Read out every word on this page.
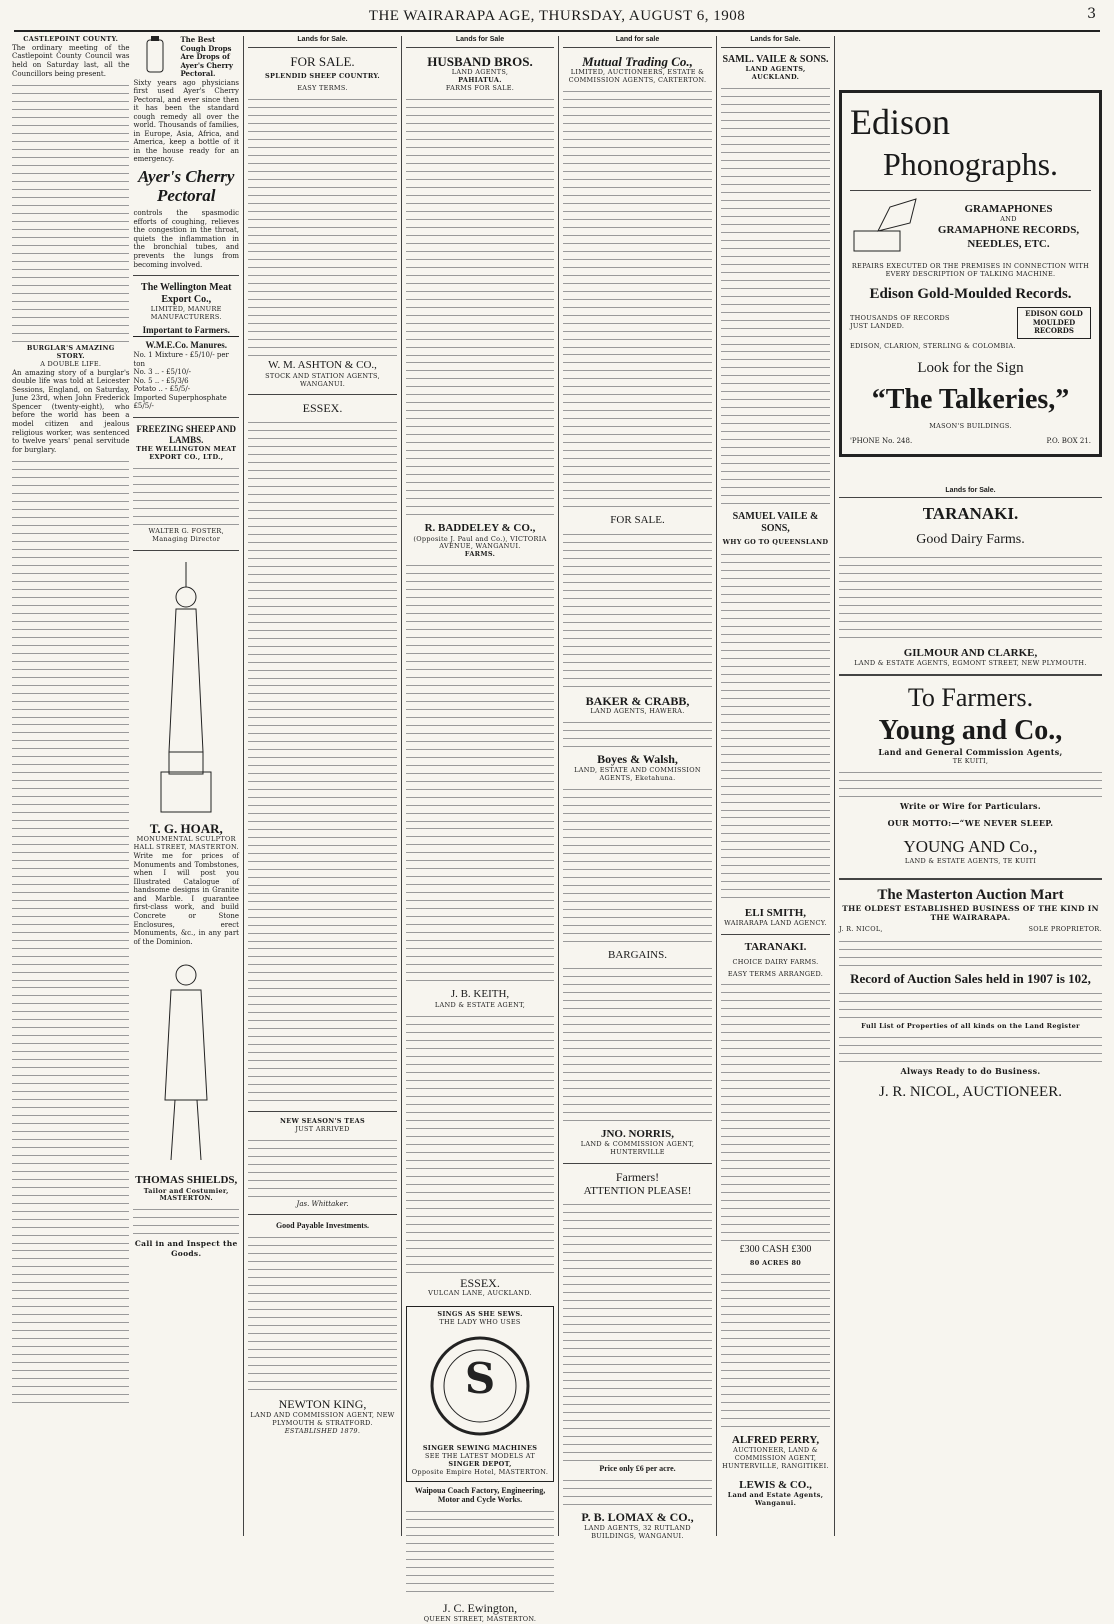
THE WAIRARAPA AGE, THURSDAY, AUGUST 6, 1908	3
CASTLEPOINT COUNTY.

The ordinary meeting of the Castlepoint County Council was held on Saturday last, all the Councillors being present.

BURGLAR'S AMAZING STORY.
A DOUBLE LIFE.

An amazing story of a burglar's double life was told at Leicester Sessions, England, on Saturday, June 23rd, when John Frederick Spencer (twenty-eight), who before the world has been a model citizen and jealous religious worker, was sentenced to twelve years' penal servitude for burglary.

The Best Cough Drops Are Drops of Ayer's Cherry Pectoral.

Sixty years ago physicians first used Ayer's Cherry Pectoral, and ever since then it has been the standard cough remedy all over the world. Thousands of families, in Europe, Asia, Africa, and America, keep a bottle of it in the house ready for an emergency.

Ayer's Cherry Pectoral

controls the spasmodic efforts of coughing, relieves the congestion in the throat, quiets the inflammation in the bronchial tubes, and prevents the lungs from becoming involved.

The Wellington Meat Export Co.,
LIMITED, MANURE MANUFACTURERS.
Important to Farmers.
W.M.E.Co. Manures.
No. 1 Mixture - £5/10/- per ton
No. 3 .. - £5/10/-
No. 5 .. - £5/3/6
Potato .. - £5/5/-
Imported Superphosphate £5/5/-
FREEZING SHEEP AND LAMBS.
THE WELLINGTON MEAT EXPORT CO., LTD.,
WALTER G. FOSTER, Managing Director
T. G. HOAR,
MONUMENTAL SCULPTOR
HALL STREET, MASTERTON.

Write me for prices of Monuments and Tombstones, when I will post you Illustrated Catalogue of handsome designs in Granite and Marble. I guarantee first-class work, and build Concrete or Stone Enclosures, erect Monuments, &c., in any part of the Dominion.

THOMAS SHIELDS,
Tailor and Costumier, MASTERTON.
Call in and Inspect the Goods.
Lands for Sale.
FOR SALE.
SPLENDID SHEEP COUNTRY.
EASY TERMS.
W. M. ASHTON & CO.,
STOCK AND STATION AGENTS, WANGANUI.
ESSEX.
NEW SEASON'S TEAS
JUST ARRIVED
Jas. Whittaker.
Good Payable Investments.
NEWTON KING,
LAND AND COMMISSION AGENT, NEW PLYMOUTH & STRATFORD.
ESTABLISHED 1879.
Lands for Sale
HUSBAND BROS.
LAND AGENTS,
PAHIATUA.
FARMS FOR SALE.
R. BADDELEY & CO.,
(Opposite J. Paul and Co.), VICTORIA AVENUE, WANGANUI.
FARMS.
J. B. KEITH,
LAND & ESTATE AGENT,
ESSEX.
VULCAN LANE, AUCKLAND.
SINGS AS SHE SEWS.
THE LADY WHO USES
S
SINGER SEWING MACHINES
SEE THE LATEST MODELS AT
SINGER DEPOT,
Opposite Empire Hotel, MASTERTON.
Waipoua Coach Factory, Engineering, Motor and Cycle Works.
J. C. Ewington,
QUEEN STREET, MASTERTON.
Land for sale
Mutual Trading Co.,
LIMITED, AUCTIONEERS, ESTATE & COMMISSION AGENTS, CARTERTON.
FOR SALE.
BAKER & CRABB,
LAND AGENTS, HAWERA.
Boyes & Walsh,
LAND, ESTATE AND COMMISSION AGENTS, Eketahuna.
BARGAINS.
JNO. NORRIS,
LAND & COMMISSION AGENT, HUNTERVILLE
Farmers!
ATTENTION PLEASE!
Price only £6 per acre.
P. B. LOMAX & CO.,
LAND AGENTS, 32 RUTLAND BUILDINGS, WANGANUI.
Lands for Sale.
SAML. VAILE & SONS.
LAND AGENTS, AUCKLAND.
SAMUEL VAILE & SONS,
WHY GO TO QUEENSLAND
ELI SMITH,
WAIRARAPA LAND AGENCY.
TARANAKI.
CHOICE DAIRY FARMS.
EASY TERMS ARRANGED.
£300 CASH £300
80 ACRES 80
ALFRED PERRY,
AUCTIONEER, LAND & COMMISSION AGENT, HUNTERVILLE, RANGITIKEI.
LEWIS & CO.,
Land and Estate Agents, Wanganui.
Edison
Phonographs.
GRAMAPHONES
AND
GRAMAPHONE RECORDS,
NEEDLES, ETC.
REPAIRS EXECUTED OR THE PREMISES IN CONNECTION WITH EVERY DESCRIPTION OF TALKING MACHINE.
Edison Gold-Moulded Records.
THOUSANDS OF RECORDS JUST LANDED.
EDISON GOLD MOULDED RECORDS
EDISON, CLARION, STERLING & COLOMBIA.
Look for the Sign
“The Talkeries,”
MASON'S BUILDINGS.
'PHONE No. 248.	P.O. BOX 21.
Lands for Sale.
TARANAKI.
Good Dairy Farms.
GILMOUR AND CLARKE,
LAND & ESTATE AGENTS, EGMONT STREET, NEW PLYMOUTH.
To Farmers.
Young and Co.,
Land and General Commission Agents,
TE KUITI,
Write or Wire for Particulars.
OUR MOTTO:—“WE NEVER SLEEP.
YOUNG AND Co.,
LAND & ESTATE AGENTS, TE KUITI
The Masterton Auction Mart
THE OLDEST ESTABLISHED BUSINESS OF THE KIND IN THE WAIRARAPA.
J. R. NICOL,	SOLE PROPRIETOR.
Record of Auction Sales held in 1907 is 102,
Full List of Properties of all kinds on the Land Register
Always Ready to do Business.
J. R. NICOL, AUCTIONEER.
